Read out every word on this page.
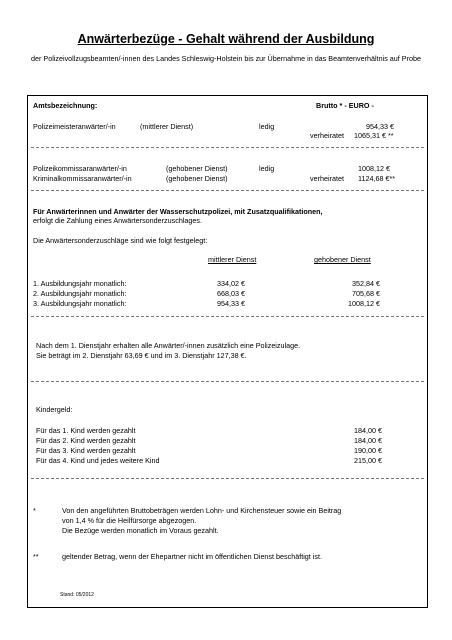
Anwärterbezüge - Gehalt während der Ausbildung
der Polizeivollzugsbeamten/-innen des Landes Schleswig-Holstein bis zur Übernahme in das Beamtenverhältnis auf Probe
Amtsbezeichnung:	Brutto * - EURO -
Polizeimeisteranwärter/-in	(mittlerer Dienst)	ledig	954,33 €
verheiratet 1065,31 € **
Polizeikommissaranwärter/-in	(gehobener Dienst)	ledig	1008,12 €
Kriminalkommissaranwärter/-in	(gehobener Dienst)	verheiratet 1124,68 €**
Für Anwärterinnen und Anwärter der Wasserschutzpolizei, mit Zusatzqualifikationen,
erfolgt die Zahlung eines Anwärtersonderzuschlages.
Die Anwärtersonderzuschläge sind wie folgt festgelegt:
mittlerer Dienst	gehobener Dienst
1. Ausbildungsjahr monatlich:	334,02 €	352,84 €
2. Ausbildungsjahr monatlich:	668,03 €	705,68 €
3. Ausbildungsjahr monatlich:	954,33 €	1008,12 €
Nach dem 1. Dienstjahr erhalten alle Anwärter/-innen zusätzlich eine Polizeizulage.
Sie beträgt im 2. Dienstjahr 63,69 € und im 3. Dienstjahr 127,38 €.
Kindergeld:
Für das 1. Kind werden gezahlt	184,00 €
Für das 2. Kind werden gezahlt	184,00 €
Für das 3. Kind werden gezahlt	190,00 €
Für das 4. Kind und jedes weitere Kind	215,00 €
*	Von den angeführten Bruttobeträgen werden Lohn- und Kirchensteuer sowie ein Beitrag
von 1,4 % für die Heilfürsorge abgezogen.
Die Bezüge werden monatlich im Voraus gezahlt.
**	geltender Betrag, wenn der Ehepartner nicht im öffentlichen Dienst beschäftigt ist.
Stand: 05/2012
